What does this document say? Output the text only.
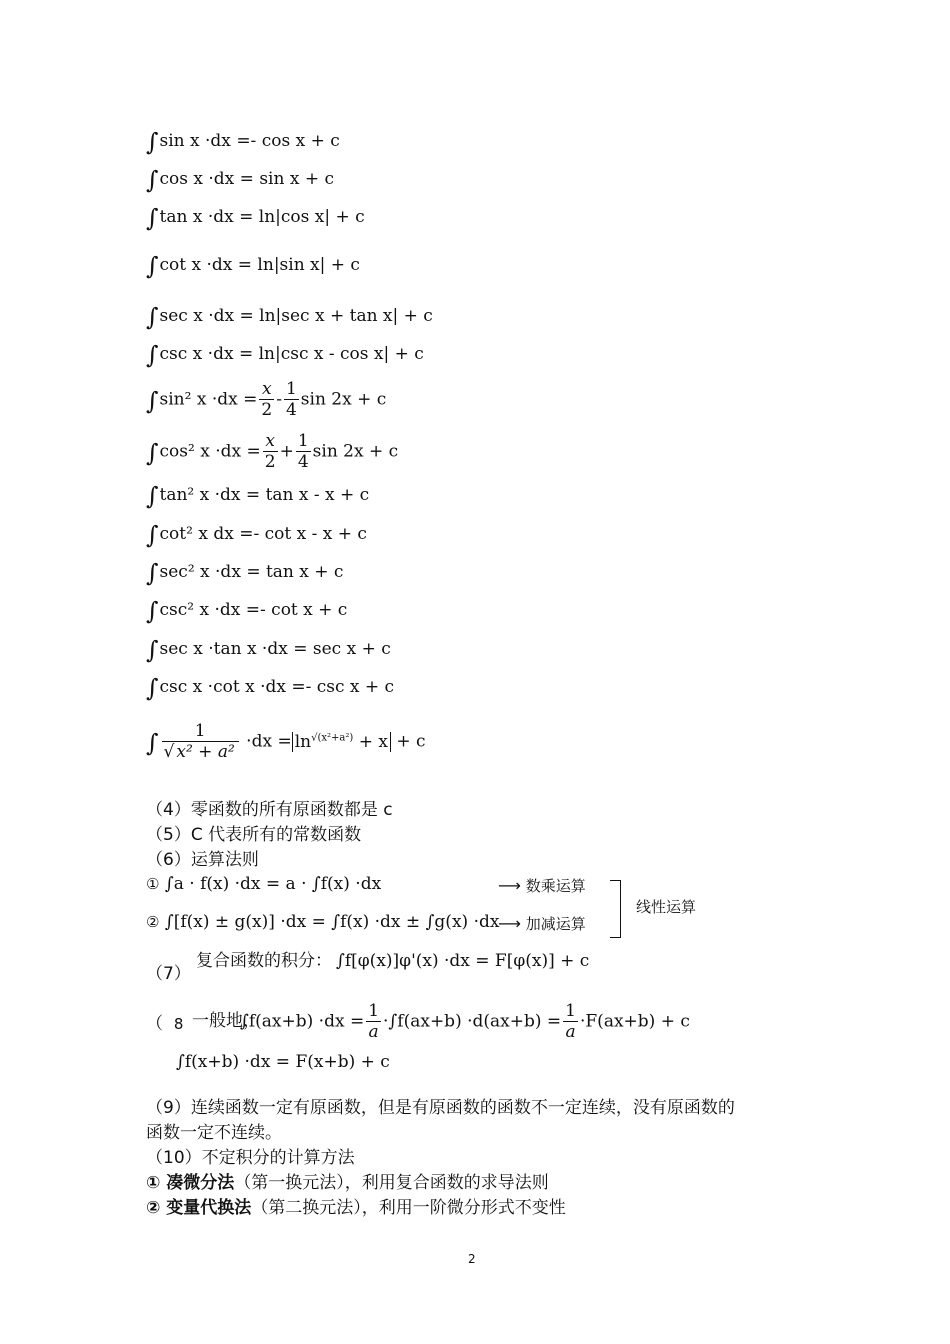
∫sin x ·dx =- cos x + c
∫cos x ·dx = sin x + c
∫tan x ·dx = ln|cos x| + c
∫cot x ·dx = ln|sin x| + c
∫sec x ·dx = ln|sec x + tan x| + c
∫csc x ·dx = ln|csc x - cos x| + c
∫sin² $x \cdot dx = \frac{x}{2} - \frac{1}{4}$ sin 2x + c
∫cos² $x \cdot dx = \frac{x}{2} + \frac{1}{4}$ sin 2x + c
∫tan² x ·dx = tan x - x + c
∫cot² x dx =- cot x - x + c
∫sec² x ·dx = tan x + c
∫csc² x ·dx =- cot x + c
∫sec x ·tan x ·dx = sec x + c
∫csc x ·cot x ·dx =- csc x + c
∫ $\frac{1}{\text{√ x² + a²}} \cdot dx = \ln^{√(x^2+a^2)} + x + c$
（4）零函数的所有原函数都是 c
（5）C 代表所有的常数函数
（6）运算法则
① ∫a · f(x) ·dx = a · ∫f(x) ·dx	⟶ 数乘运算
② ∫[f(x) ± g(x)] ·dx = ∫f(x) ·dx ± ∫g(x) ·dx
⟶ 加减运算
线性运算
（7）
复合函数的积分： ∫f[φ(x)]φ'(x) ·dx = F[φ(x)] + c
（ 8 一般地，
$\int f(ax+b) \cdot dx = \frac{1}{a} \cdot\int f(ax+b) \cdot d(ax+b) = \frac{1}{a} \cdot F(ax+b) + c$
∫f(x+b) ·dx = F(x+b) + c
（9）连续函数一定有原函数，但是有原函数的函数不一定连续，没有原函数的
函数一定不连续。
（10）不定积分的计算方法
① 凑微分法（第一换元法），利用复合函数的求导法则
② 变量代换法（第二换元法），利用一阶微分形式不变性
2
